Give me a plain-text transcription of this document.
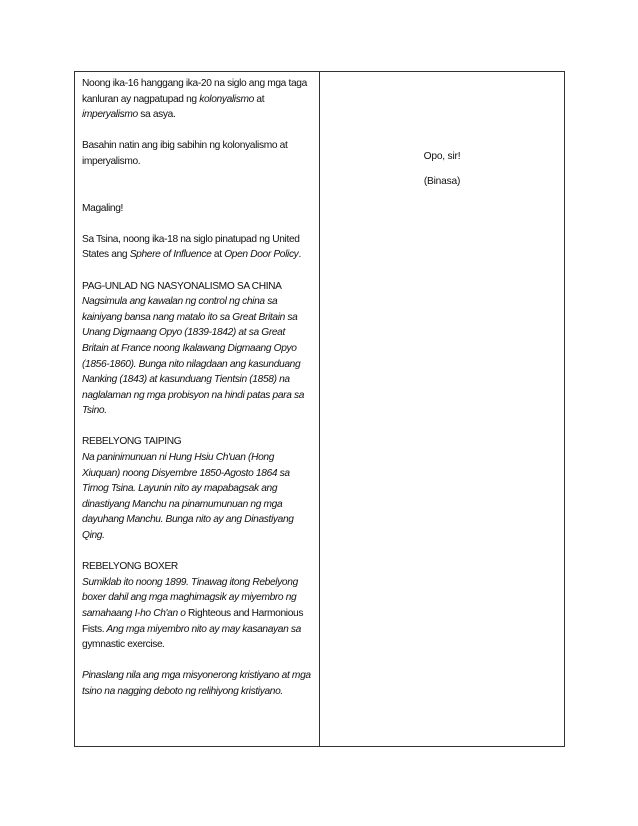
Noong ika-16 hanggang ika-20 na siglo ang mga taga kanluran ay nagpatupad ng kolonyalismo at imperyalismo sa asya.

Basahin natin ang ibig sabihin ng kolonyalismo at imperyalismo.

Magaling!

Sa Tsina, noong ika-18 na siglo pinatupad ng United States ang Sphere of Influence at Open Door Policy.

PAG-UNLAD NG NASYONALISMO SA CHINA

Nagsimula ang kawalan ng control ng china sa kainiyang bansa nang matalo ito sa Great Britain sa Unang Digmaang Opyo (1839-1842) at sa Great Britain at France noong Ikalawang Digmaang Opyo (1856-1860). Bunga nito nilagdaan ang kasunduang Nanking (1843) at kasunduang Tientsin (1858) na naglalaman ng mga probisyon na hindi patas para sa Tsino.

REBELYONG TAIPING

Na paninimunuan ni Hung Hsiu Ch'uan (Hong Xiuquan) noong Disyembre 1850-Agosto 1864 sa Timog Tsina. Layunin nito ay mapabagsak ang dinastiyang Manchu na pinamumunuan ng mga dayuhang Manchu. Bunga nito ay ang Dinastiyang Qing.

REBELYONG BOXER

Sumiklab ito noong 1899. Tinawag itong Rebelyong boxer dahil ang mga maghimagsik ay miyembro ng samahaang I-ho Ch'an o Righteous and Harmonious Fists. Ang mga miyembro nito ay may kasanayan sa gymnastic exercise.

Pinaslang nila ang mga misyonerong kristiyano at mga tsino na nagging deboto ng relihiyong kristiyano.

Opo, sir!

(Binasa)
